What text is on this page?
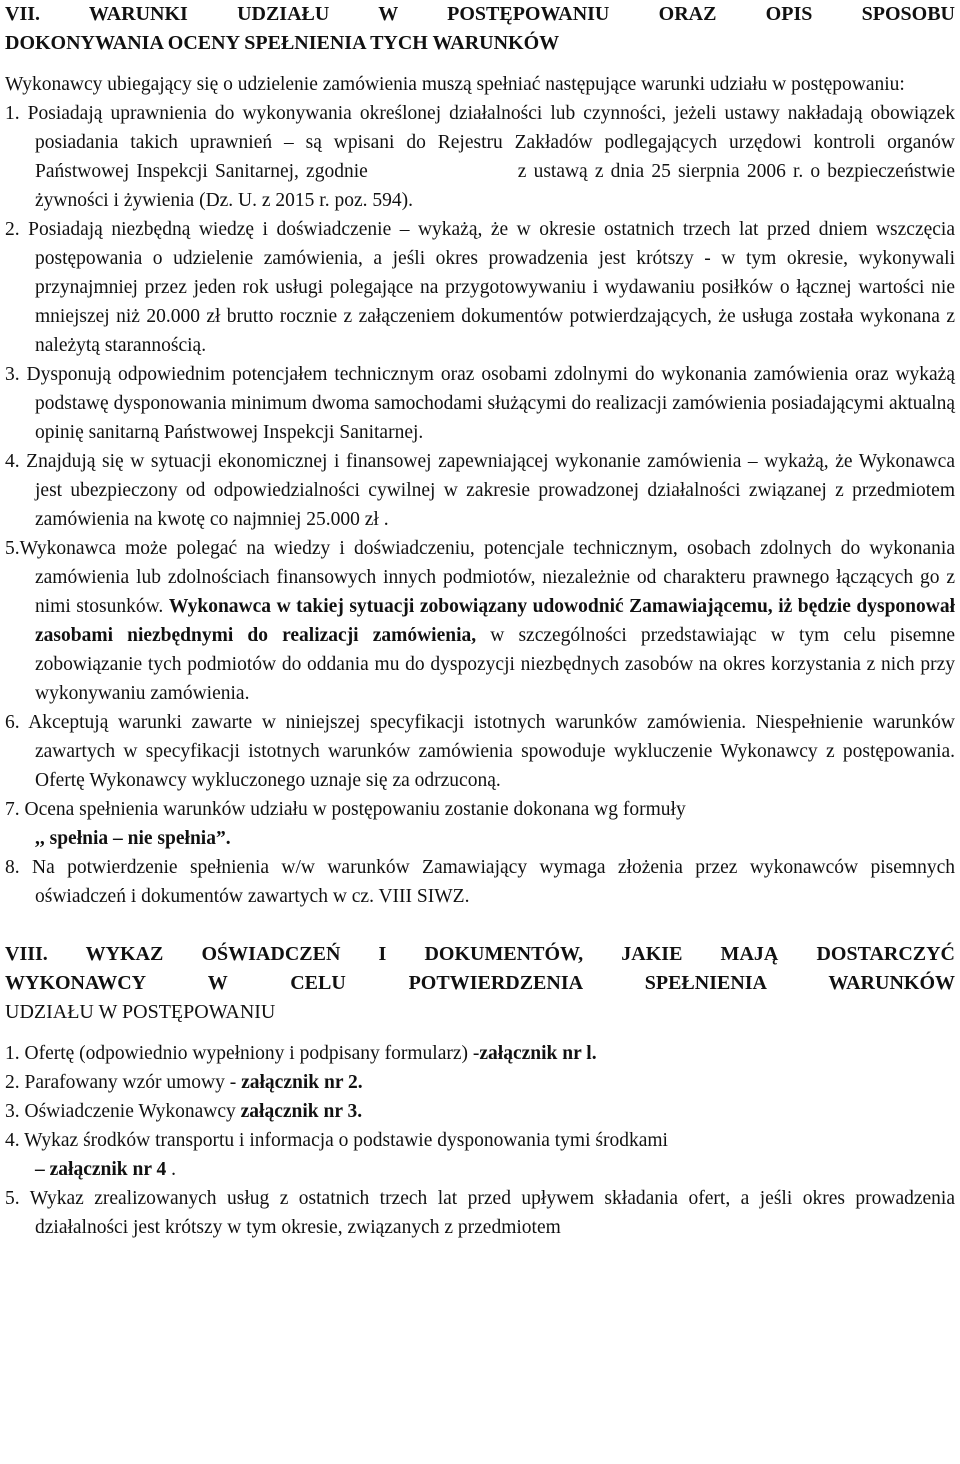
VII. WARUNKI UDZIAŁU W POSTĘPOWANIU ORAZ OPIS SPOSOBU
DOKONYWANIA OCENY SPEŁNIENIA TYCH WARUNKÓW

Wykonawcy ubiegający się o udzielenie zamówienia muszą spełniać następujące warunki udziału w postępowaniu:

1. Posiadają uprawnienia do wykonywania określonej działalności lub czynności, jeżeli ustawy nakładają obowiązek posiadania takich uprawnień – są wpisani do Rejestru Zakładów podlegających urzędowi kontroli organów Państwowej Inspekcji Sanitarnej, zgodnie	z ustawą z dnia 25 sierpnia 2006 r. o bezpieczeństwie żywności i żywienia (Dz. U. z 2015 r. poz. 594).

2. Posiadają niezbędną wiedzę i doświadczenie – wykażą, że w okresie ostatnich trzech lat przed dniem wszczęcia postępowania o udzielenie zamówienia, a jeśli okres prowadzenia jest krótszy - w tym okresie, wykonywali przynajmniej przez jeden rok usługi polegające na przygotowywaniu i wydawaniu posiłków o łącznej wartości nie mniejszej niż 20.000 zł brutto rocznie z załączeniem dokumentów potwierdzających, że usługa została wykonana z należytą starannością.

3. Dysponują odpowiednim potencjałem technicznym oraz osobami zdolnymi do wykonania zamówienia oraz wykażą podstawę dysponowania minimum dwoma samochodami służącymi do realizacji zamówienia posiadającymi aktualną opinię sanitarną Państwowej Inspekcji Sanitarnej.

4. Znajdują się w sytuacji ekonomicznej i finansowej zapewniającej wykonanie zamówienia – wykażą, że Wykonawca jest ubezpieczony od odpowiedzialności cywilnej w zakresie prowadzonej działalności związanej z przedmiotem zamówienia na kwotę co najmniej 25.000 zł .

5.Wykonawca może polegać na wiedzy i doświadczeniu, potencjale technicznym, osobach zdolnych do wykonania zamówienia lub zdolnościach finansowych innych podmiotów, niezależnie od charakteru prawnego łączących go z nimi stosunków. Wykonawca w takiej sytuacji zobowiązany udowodnić Zamawiającemu, iż będzie dysponował zasobami niezbędnymi do realizacji zamówienia, w szczególności przedstawiając w tym celu pisemne zobowiązanie tych podmiotów do oddania mu do dyspozycji niezbędnych zasobów na okres korzystania z nich przy wykonywaniu zamówienia.

6. Akceptują warunki zawarte w niniejszej specyfikacji istotnych warunków zamówienia. Niespełnienie warunków zawartych w specyfikacji istotnych warunków zamówienia spowoduje wykluczenie Wykonawcy z postępowania. Ofertę Wykonawcy wykluczonego uznaje się za odrzuconą.

7. Ocena spełnienia warunków udziału w postępowaniu zostanie dokonana wg formuły
,, spełnia – nie spełnia”.

8. Na potwierdzenie spełnienia w/w warunków Zamawiający wymaga złożenia przez wykonawców pisemnych oświadczeń i dokumentów zawartych w cz. VIII SIWZ.

VIII. WYKAZ OŚWIADCZEŃ I DOKUMENTÓW, JAKIE MAJĄ DOSTARCZYĆ
WYKONAWCY W CELU POTWIERDZENIA SPEŁNIENIA WARUNKÓW
UDZIAŁU W POSTĘPOWANIU

1. Ofertę (odpowiednio wypełniony i podpisany formularz) -załącznik nr l.

2. Parafowany wzór umowy - załącznik nr 2.

3. Oświadczenie Wykonawcy załącznik nr 3.

4. Wykaz środków transportu i informacja o podstawie dysponowania tymi środkami
– załącznik nr 4 .

5. Wykaz zrealizowanych usług z ostatnich trzech lat przed upływem składania ofert, a jeśli okres prowadzenia działalności jest krótszy w tym okresie, związanych z przedmiotem
